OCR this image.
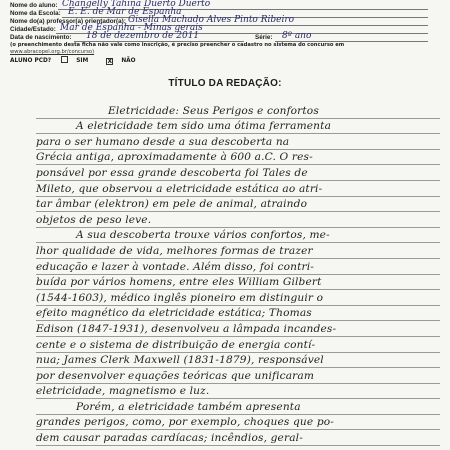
Nome do aluno: Changelly Tahina Duerto Duerto
Nome da Escola: E. E. de Mar de Espanha
Nome do(a) professor(a) orientador(a): Gisella Machado Alves Pinto Ribeiro
Cidade/Estado: Mar de Espanha - Minas gerais
Data de nascimento: 18 de dezembro de 2011	Série: 8º ano
(o preenchimento desta ficha não vale como inscrição, é preciso preencher o cadastro no sistema do concurso em
www.abracopel.org.br/concurso)
ALUNO PCD?	SIM	X NÃO
TÍTULO DA REDAÇÃO:
Eletricidade: Seus Perigos e confortos
A eletricidade tem sido uma ótima ferramenta
para o ser humano desde a sua descoberta na
Grécia antiga, aproximadamente à 600 a.C. O res-
ponsável por essa grande descoberta foi Tales de
Mileto, que observou a eletricidade estática ao atri-
tar âmbar (elektron) em pele de animal, atraindo
objetos de peso leve.
A sua descoberta trouxe vários confortos, me-
lhor qualidade de vida, melhores formas de trazer
educação e lazer à vontade. Além disso, foi contri-
buída por vários homens, entre eles William Gilbert
(1544-1603), médico inglês pioneiro em distinguir o
efeito magnético da eletricidade estática; Thomas
Edison (1847-1931), desenvolveu a lâmpada incandes-
cente e o sistema de distribuição de energia contí-
nua; James Clerk Maxwell (1831-1879), responsável
por desenvolver equações teóricas que unificaram
eletricidade, magnetismo e luz.
Porém, a eletricidade também apresenta
grandes perigos, como, por exemplo, choques que po-
dem causar paradas cardíacas; incêndios, geral-
